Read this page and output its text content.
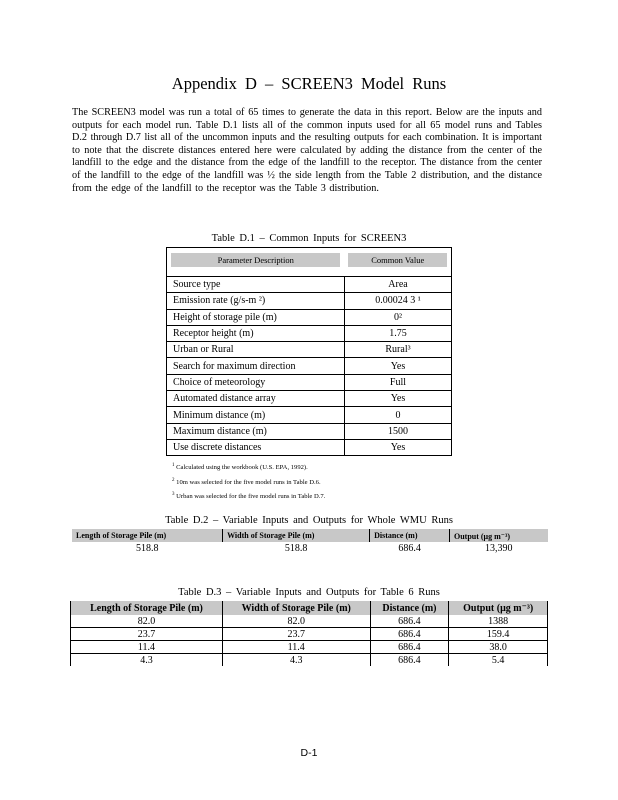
Appendix D – SCREEN3 Model Runs
The SCREEN3 model was run a total of 65 times to generate the data in this report. Below are the inputs and outputs for each model run. Table D.1 lists all of the common inputs used for all 65 model runs and Tables D.2 through D.7 list all of the uncommon inputs and the resulting outputs for each combination. It is important to note that the discrete distances entered here were calculated by adding the distance from the center of the landfill to the edge and the distance from the edge of the landfill to the receptor. The distance from the center of the landfill to the edge of the landfill was ½ the side length from the Table 2 distribution, and the distance from the edge of the landfill to the receptor was the Table 3 distribution.
Table D.1 – Common Inputs for SCREEN3
Parameter Description	Common Value

Source type	Area
Emission rate (g/s-m ²)	0.00024 3 ¹
Height of storage pile (m)	0²
Receptor height (m)	1.75
Urban or Rural	Rural³
Search for maximum direction	Yes
Choice of meteorology	Full
Automated distance array	Yes
Minimum distance (m)	0
Maximum distance (m)	1500
Use discrete distances	Yes
$^1$ Calculated using the workbook (U.S. EPA, 1992).
$^2$ 10m was selected for the five model runs in Table D.6.
$^3$ Urban was selected for the five model runs in Table D.7.
Table D.2 – Variable Inputs and Outputs for Whole WMU Runs
Length of Storage Pile (m)	Width of Storage Pile (m)	Distance (m)	Output (μg m⁻³)
518.8	518.8	686.4	13,390
Table D.3 – Variable Inputs and Outputs for Table 6 Runs
Length of Storage Pile (m)	Width of Storage Pile (m)	Distance (m)	Output (μg m⁻³)
82.0	82.0	686.4	1388
23.7	23.7	686.4	159.4
11.4	11.4	686.4	38.0
4.3	4.3	686.4	5.4
D-1
